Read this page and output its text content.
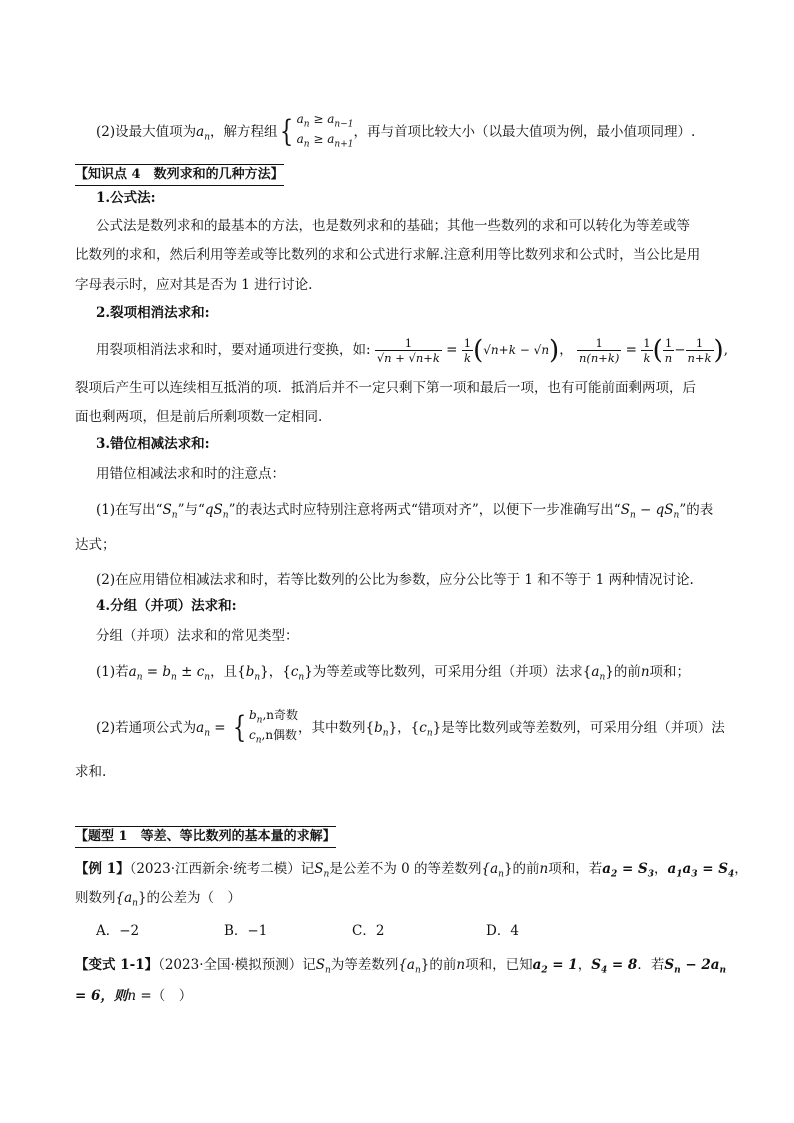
(2)设最大值项为$a_n$，解方程组{ $a_n \ge a_{n-1}$
$a_n \ge a_{n+1}$
，再与首项比较大小（以最大值项为例，最小值项同理）.
【知识点 4　数列求和的几种方法】
1.公式法:
公式法是数列求和的最基本的方法，也是数列求和的基础；其他一些数列的求和可以转化为等差或等
比数列的求和，然后利用等差或等比数列的求和公式进行求解.注意利用等比数列求和公式时，当公比是用
字母表示时，应对其是否为 1 进行讨论.
2.裂项相消法求和:
用裂项相消法求和时，要对通项进行变换，如: $\frac{1}{√n + √n+k} = \frac{1}{k} (√n+k - √n)$， $\frac{1}{n(n+k)} = \frac{1}{k}$ ( $\frac{1}{n} - \frac{1}{n+k}$ ),
裂项后产生可以连续相互抵消的项．抵消后并不一定只剩下第一项和最后一项，也有可能前面剩两项，后
面也剩两项，但是前后所剩项数一定相同.
3.错位相减法求和:
用错位相减法求和时的注意点：
(1)在写出“$S_n$”与“$qS_n$”的表达式时应特别注意将两式“错项对齐”，以便下一步准确写出“$S_n - qS_n$”的表
达式；
(2)在应用错位相减法求和时，若等比数列的公比为参数，应分公比等于 1 和不等于 1 两种情况讨论.
4.分组（并项）法求和:
分组（并项）法求和的常见类型：
(1)若$a_n = b_n \pm c_n$，且$\{b_n\}$，$\{c_n\}$为等差或等比数列，可采用分组（并项）法求$\{a_n\}$的前n项和；
(2)若通项公式为$a_n$ = { $b_n,n$奇数
$c_n,n$偶数 ，其中数列$\{b_n\}$，$\{c_n\}$是等比数列或等差数列，可采用分组（并项）法
求和.
【题型 1　等差、等比数列的基本量的求解】
【例 1】（2023·江西新余·统考二模）记$S_n$是公差不为 0 的等差数列$\{a_n\}$的前n项和，若$a_2 = S_3$，$a_1a_3 = S_4$，
则数列$\{a_n\}$的公差为（　）
A．−2	B．−1	C．2	D．4
【变式 1-1】（2023·全国·模拟预测）记$S_n$为等差数列$\{a_n\}$的前n项和，已知$a_2 = 1$，$S_4 = 8$．若$S_n - 2a_n$
= 6，则n =（　）
